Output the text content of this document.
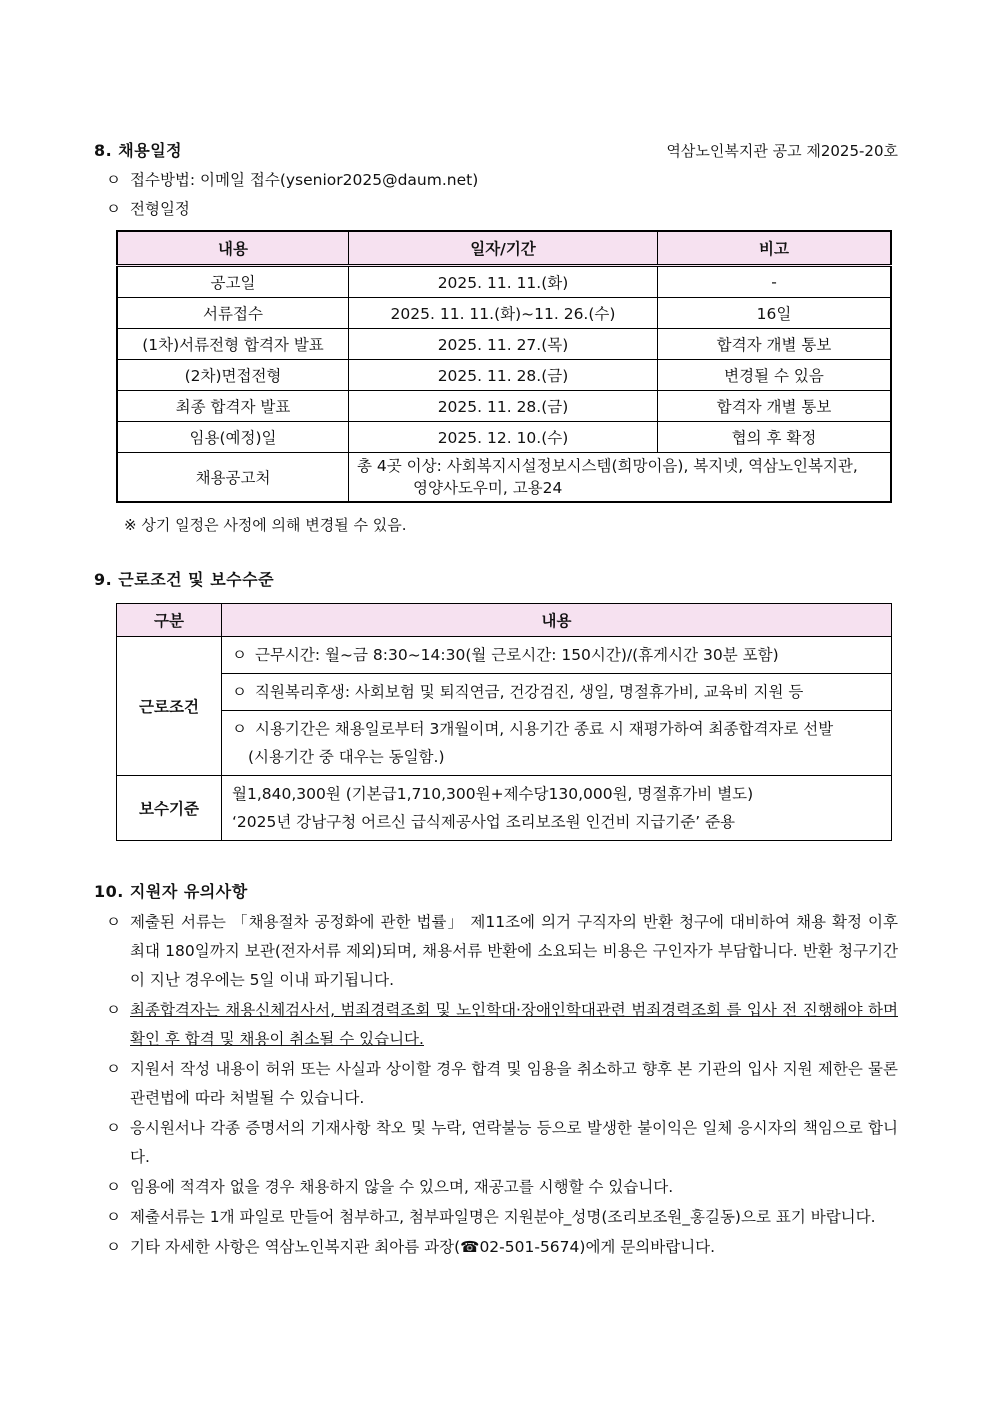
8. 채용일정	역삼노인복지관 공고 제2025-20호
ㅇ 접수방법: 이메일 접수(ysenior2025@daum.net)
ㅇ 전형일정
내용	일자/기간	비고
공고일	2025. 11. 11.(화)	-
서류접수	2025. 11. 11.(화)~11. 26.(수)	16일
(1차)서류전형 합격자 발표	2025. 11. 27.(목)	합격자 개별 통보
(2차)면접전형	2025. 11. 28.(금)	변경될 수 있음
최종 합격자 발표	2025. 11. 28.(금)	합격자 개별 통보
임용(예정)일	2025. 12. 10.(수)	협의 후 확정
채용공고처	총 4곳 이상: 사회복지시설정보시스템(희망이음), 복지넷, 역삼노인복지관,
영양사도우미, 고용24	
※ 상기 일정은 사정에 의해 변경될 수 있음.
9. 근로조건 및 보수수준
구분	내용
근로조건	ㅇ 근무시간: 월~금 8:30~14:30(월 근로시간: 150시간)/(휴게시간 30분 포함)
	ㅇ 직원복리후생: 사회보험 및 퇴직연금, 건강검진, 생일, 명절휴가비, 교육비 지원 등

	ㅇ 시용기간은 채용일로부터 3개월이며, 시용기간 종료 시 재평가하여 최종합격자로 선발
(시용기간 중 대우는 동일함.)

보수기준	월1,840,300원 (기본급1,710,300원+제수당130,000원, 명절휴가비 별도)
‘2025년 강남구청 어르신 급식제공사업 조리보조원 인건비 지급기준’ 준용
10. 지원자 유의사항
ㅇ 제출된 서류는 「채용절차 공정화에 관한 법률」 제11조에 의거 구직자의 반환 청구에 대비하여 채용 확정 이후 최대 180일까지 보관(전자서류 제외)되며, 채용서류 반환에 소요되는 비용은 구인자가 부담합니다. 반환 청구기간이 지난 경우에는 5일 이내 파기됩니다.
ㅇ 최종합격자는 채용신체검사서, 범죄경력조회 및 노인학대·장애인학대관련 범죄경력조회 를 입사 전 진행해야 하며 확인 후 합격 및 채용이 취소될 수 있습니다.
ㅇ 지원서 작성 내용이 허위 또는 사실과 상이할 경우 합격 및 임용을 취소하고 향후 본 기관의 입사 지원 제한은 물론 관련법에 따라 처벌될 수 있습니다.
ㅇ 응시원서나 각종 증명서의 기재사항 착오 및 누락, 연락불능 등으로 발생한 불이익은 일체 응시자의 책임으로 합니다.
ㅇ 임용에 적격자 없을 경우 채용하지 않을 수 있으며, 재공고를 시행할 수 있습니다.
ㅇ 제출서류는 1개 파일로 만들어 첨부하고, 첨부파일명은 지원분야_성명(조리보조원_홍길동)으로 표기 바랍니다.
ㅇ 기타 자세한 사항은 역삼노인복지관 최아름 과장(☎02-501-5674)에게 문의바랍니다.
